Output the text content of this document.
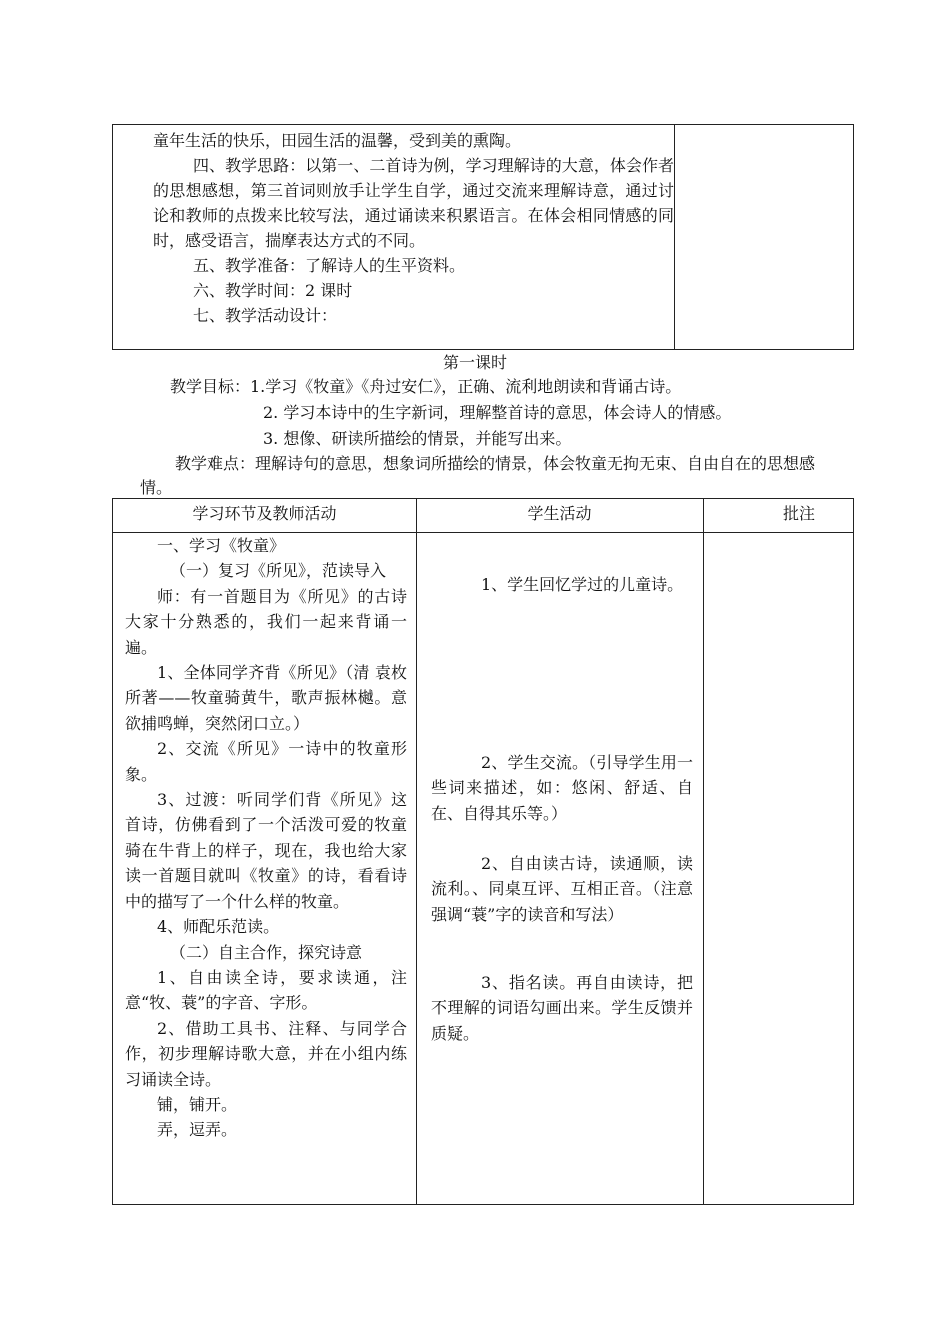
童年生活的快乐，田园生活的温馨，受到美的熏陶。

四、教学思路：以第一、二首诗为例，学习理解诗的大意，体会作者的思想感想，第三首词则放手让学生自学，通过交流来理解诗意，通过讨论和教师的点拨来比较写法，通过诵读来积累语言。在体会相同情感的同时，感受语言，揣摩表达方式的不同。

五、教学准备：了解诗人的生平资料。

六、教学时间：2 课时

七、教学活动设计：

第一课时
教学目标：1.学习《牧童》《舟过安仁》，正确、流利地朗读和背诵古诗。
2. 学习本诗中的生字新词，理解整首诗的意思，体会诗人的情感。
3. 想像、研读所描绘的情景，并能写出来。
教学难点：理解诗句的意思，想象词所描绘的情景，体会牧童无拘无束、自由自在的思想感情。
学习环节及教师活动	学生活动	批注

一、学习《牧童》

（一）复习《所见》，范读导入

师：有一首题目为《所见》的古诗大家十分熟悉的，我们一起来背诵一遍。

1、全体同学齐背《所见》（清 袁枚所著——牧童骑黄牛，歌声振林樾。意欲捕鸣蝉，突然闭口立。）

2、交流《所见》一诗中的牧童形象。

3、过渡：听同学们背《所见》这首诗，仿佛看到了一个活泼可爱的牧童骑在牛背上的样子，现在，我也给大家读一首题目就叫《牧童》的诗，看看诗中的描写了一个什么样的牧童。

4、师配乐范读。

（二）自主合作，探究诗意

1、自由读全诗，要求读通，注意“牧、蓑”的字音、字形。

2、借助工具书、注释、与同学合作，初步理解诗歌大意，并在小组内练习诵读全诗。

铺，铺开。

弄，逗弄。

1、学生回忆学过的儿童诗。

2、学生交流。（引导学生用一些词来描述，如：悠闲、舒适、自在、自得其乐等。）

2、自由读古诗，读通顺，读流利。、同桌互评、互相正音。（注意强调“蓑”字的读音和写法）

3、指名读。再自由读诗，把不理解的词语勾画出来。学生反馈并质疑。
